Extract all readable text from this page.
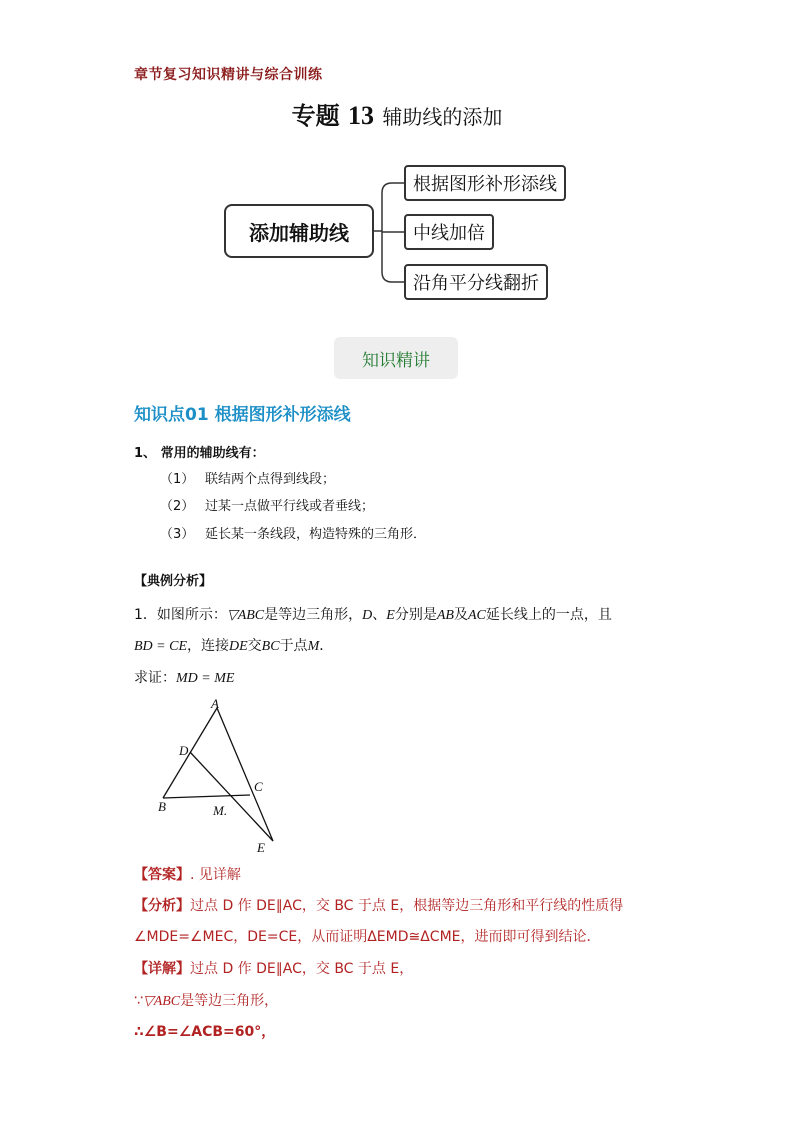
章节复习知识精讲与综合训练
专题 13 辅助线的添加
添加辅助线
根据图形补形添线
中线加倍
沿角平分线翻折
知识精讲
知识点01 根据图形补形添线
1、 常用的辅助线有：
（1） 联结两个点得到线段；
（2） 过某一点做平行线或者垂线；
（3） 延长某一条线段，构造特殊的三角形．
【典例分析】
1．如图所示：▽ABC是等边三角形，D、E分别是AB及AC延长线上的一点，且
BD = CE，连接DE交BC于点M．
求证：MD = ME
A
D
C
B	M.
E
【答案】. 见详解
【分析】过点 D 作 DE∥AC，交 BC 于点 E，根据等边三角形和平行线的性质得
∠MDE=∠MEC，DE=CE，从而证明ΔEMD≅ΔCME，进而即可得到结论．
【详解】过点 D 作 DE∥AC，交 BC 于点 E，
∵▽ABC是等边三角形，
∴∠B=∠ACB=60°，
